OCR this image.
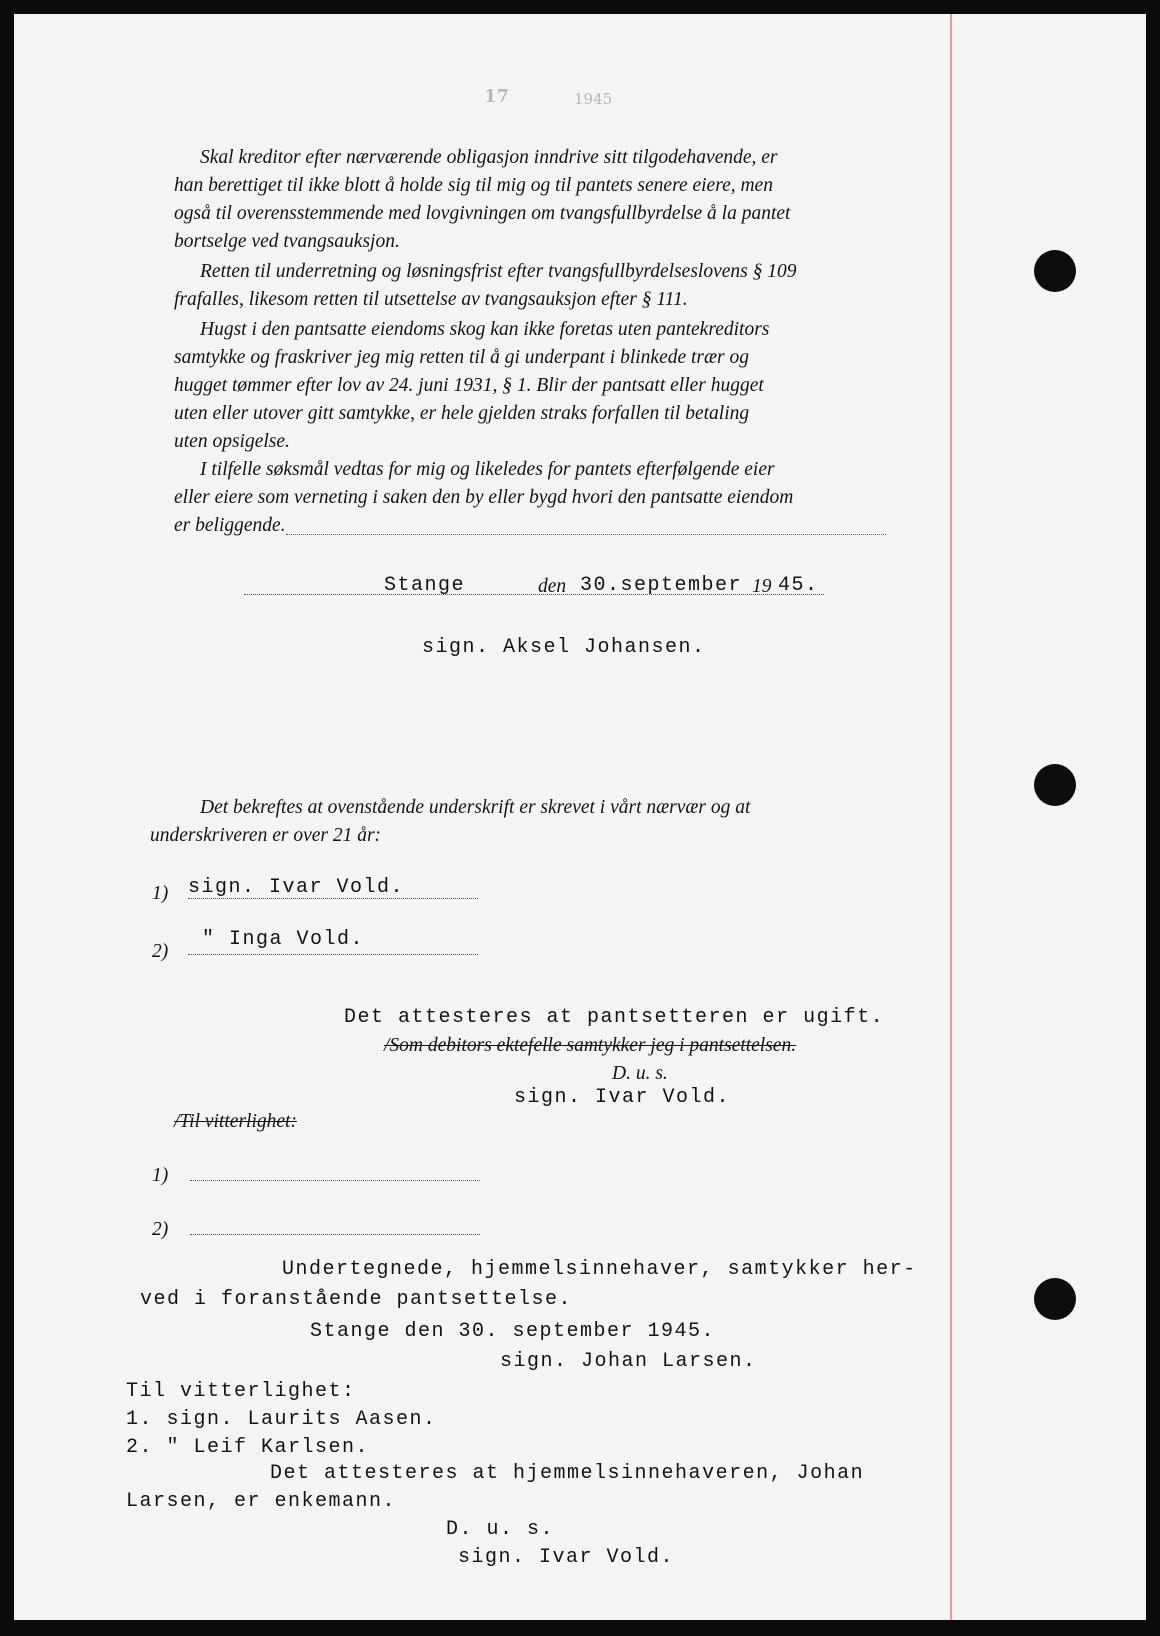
17	1945
Skal kreditor efter nærværende obligasjon inndrive sitt tilgodehavende, er
han berettiget til ikke blott å holde sig til mig og til pantets senere eiere, men
også til overensstemmende med lovgivningen om tvangsfullbyrdelse å la pantet
bortselge ved tvangsauksjon.
Retten til underretning og løsningsfrist efter tvangsfullbyrdelseslovens § 109
frafalles, likesom retten til utsettelse av tvangsauksjon efter § 111.
Hugst i den pantsatte eiendoms skog kan ikke foretas uten pantekreditors
samtykke og fraskriver jeg mig retten til å gi underpant i blinkede trær og
hugget tømmer efter lov av 24. juni 1931, § 1. Blir der pantsatt eller hugget
uten eller utover gitt samtykke, er hele gjelden straks forfallen til betaling
uten opsigelse.
I tilfelle søksmål vedtas for mig og likeledes for pantets efterfølgende eier
eller eiere som verneting i saken den by eller bygd hvori den pantsatte eiendom
er beliggende.
Stange	den 30.september 19 45.
sign. Aksel Johansen.
Det bekreftes at ovenstående underskrift er skrevet i vårt nærvær og at
underskriveren er over 21 år:
1) sign. Ivar Vold.
2)
" Inga Vold.
Det attesteres at pantsetteren er ugift.
/Som debitors ektefelle samtykker jeg i pantsettelsen.
D. u. s.
sign. Ivar Vold.
/Til vitterlighet:
1)
2)
Undertegnede, hjemmelsinnehaver, samtykker her-
ved i foranstående pantsettelse.
Stange den 30. september 1945.
sign. Johan Larsen.
Til vitterlighet:
1. sign. Laurits Aasen.
2. " Leif Karlsen.
Det attesteres at hjemmelsinnehaveren, Johan
Larsen, er enkemann.
D. u. s.
sign. Ivar Vold.
